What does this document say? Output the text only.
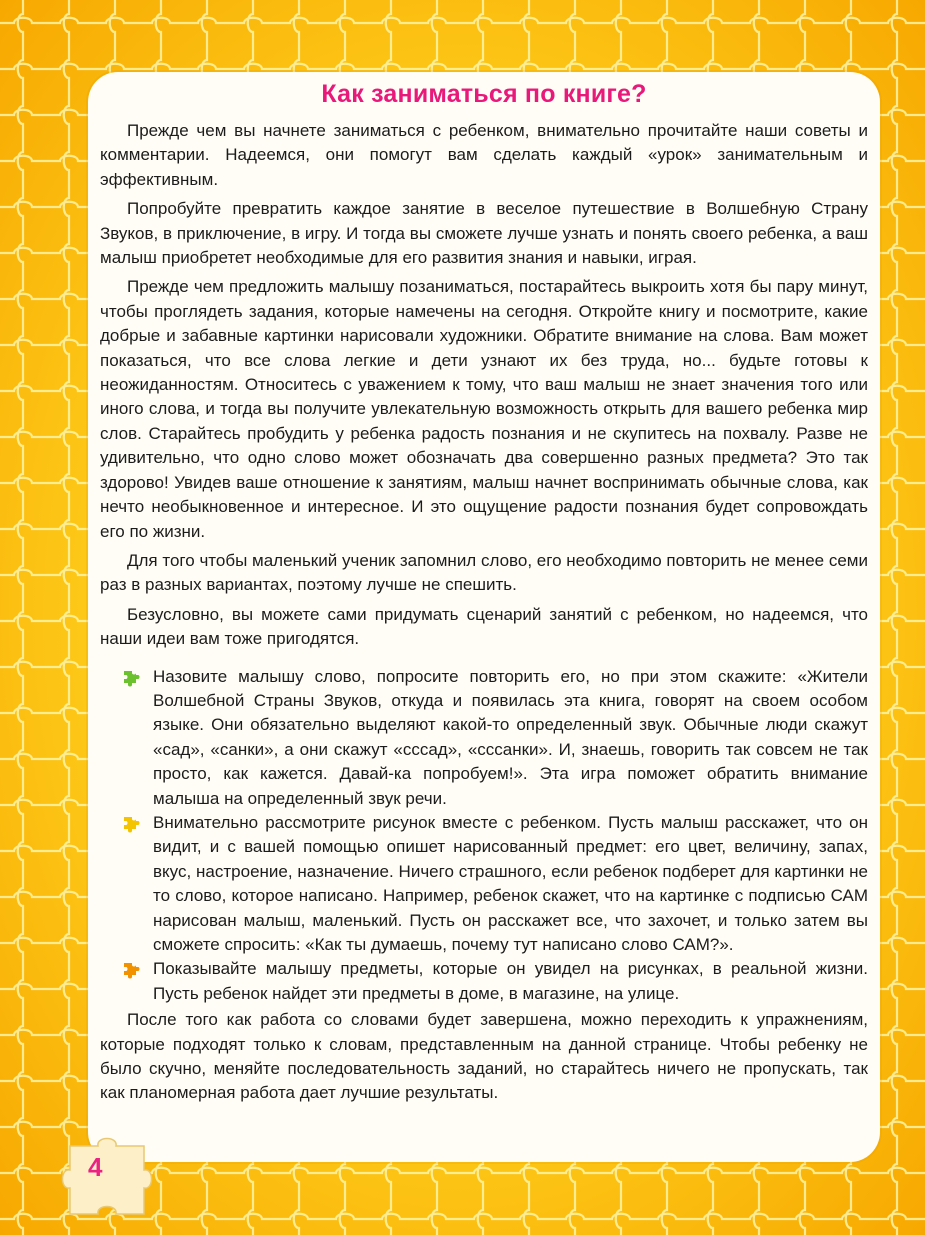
Как заниматься по книге?

Прежде чем вы начнете заниматься с ребенком, внимательно прочитайте наши советы и комментарии. Надеемся, они помогут вам сделать каждый «урок» занимательным и эффективным.

Попробуйте превратить каждое занятие в веселое путешествие в Волшебную Страну Звуков, в приключение, в игру. И тогда вы сможете лучше узнать и понять своего ребенка, а ваш малыш приобретет необходимые для его развития знания и навыки, играя.

Прежде чем предложить малышу позаниматься, постарайтесь выкроить хотя бы пару минут, чтобы проглядеть задания, которые намечены на сегодня. Откройте книгу и посмотрите, какие добрые и забавные картинки нарисовали художники. Обратите внимание на слова. Вам может показаться, что все слова легкие и дети узнают их без труда, но... будьте готовы к неожиданностям. Относитесь с уважением к тому, что ваш малыш не знает значения того или иного слова, и тогда вы получите увлекательную возможность открыть для вашего ребенка мир слов. Старайтесь пробудить у ребенка радость познания и не скупитесь на похвалу. Разве не удивительно, что одно слово может обозначать два совершенно разных предмета? Это так здорово! Увидев ваше отношение к занятиям, малыш начнет воспринимать обычные слова, как нечто необыкновенное и интересное. И это ощущение радости познания будет сопровождать его по жизни.

Для того чтобы маленький ученик запомнил слово, его необходимо повторить не менее семи раз в разных вариантах, поэтому лучше не спешить.

Безусловно, вы можете сами придумать сценарий занятий с ребенком, но надеемся, что наши идеи вам тоже пригодятся.

Назовите малышу слово, попросите повторить его, но при этом скажите: «Жители Волшебной Страны Звуков, откуда и появилась эта книга, говорят на своем особом языке. Они обязательно выделяют какой-то определенный звук. Обычные люди скажут «сад», «санки», а они скажут «сссад», «сссанки». И, знаешь, говорить так совсем не так просто, как кажется. Давай-ка попробуем!». Эта игра поможет обратить внимание малыша на определенный звук речи.
Внимательно рассмотрите рисунок вместе с ребенком. Пусть малыш расскажет, что он видит, и с вашей помощью опишет нарисованный предмет: его цвет, величину, запах, вкус, настроение, назначение. Ничего страшного, если ребенок подберет для картинки не то слово, которое написано. Например, ребенок скажет, что на картинке с подписью САМ нарисован малыш, маленький. Пусть он расскажет все, что захочет, и только затем вы сможете спросить: «Как ты думаешь, почему тут написано слово САМ?».
Показывайте малышу предметы, которые он увидел на рисунках, в реальной жизни. Пусть ребенок найдет эти предметы в доме, в магазине, на улице.

После того как работа со словами будет завершена, можно переходить к упражнениям, которые подходят только к словам, представленным на данной странице. Чтобы ребенку не было скучно, меняйте последовательность заданий, но старайтесь ничего не пропускать, так как планомерная работа дает лучшие результаты.

4
